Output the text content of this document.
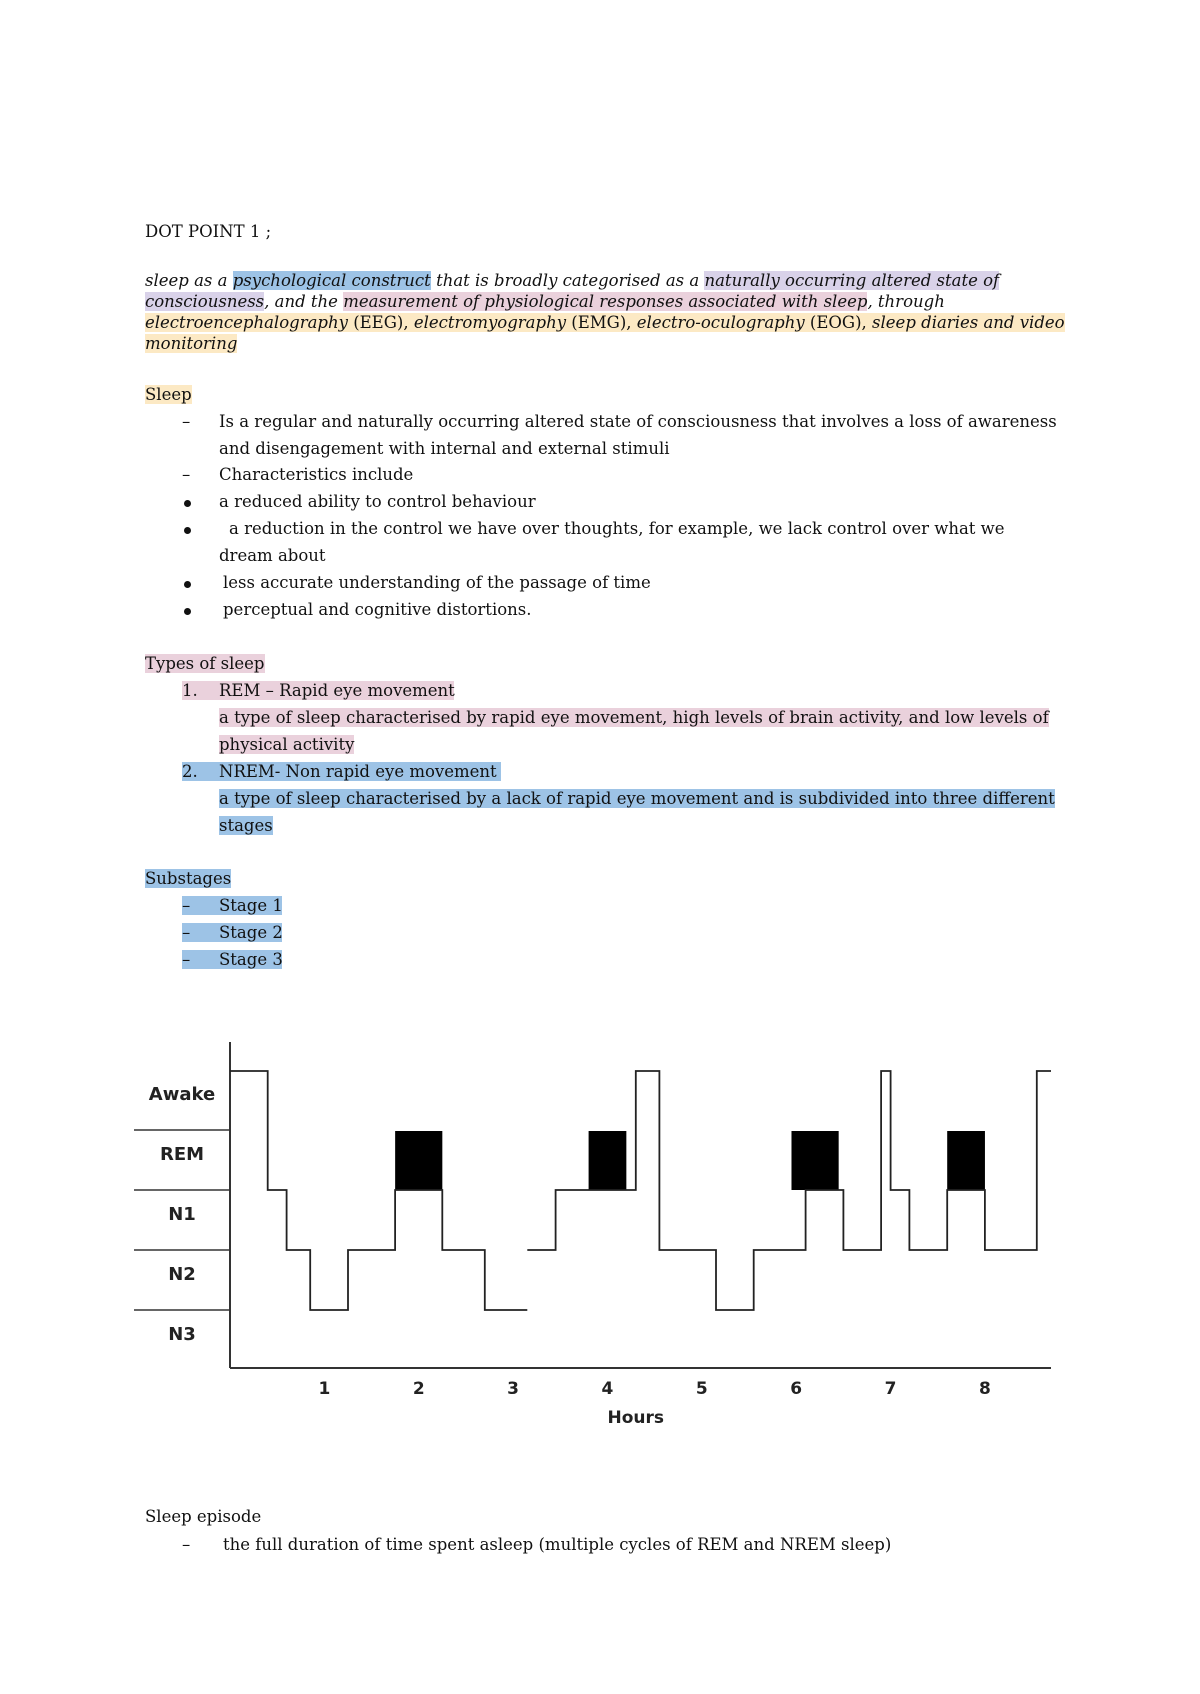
DOT POINT 1 ;
sleep as a psychological construct that is broadly categorised as a naturally occurring altered state of
consciousness, and the measurement of physiological responses associated with sleep, through
electroencephalography (EEG), electromyography (EMG), electro-oculography (EOG), sleep diaries and video
monitoring
Sleep
– Is a regular and naturally occurring altered state of consciousness that involves a loss of awareness
and disengagement with internal and external stimuli
– Characteristics include
a reduced ability to control behaviour
a reduction in the control we have over thoughts, for example, we lack control over what we
dream about
less accurate understanding of the passage of time
perceptual and cognitive distortions.
Types of sleep
1. REM – Rapid eye movement
a type of sleep characterised by rapid eye movement, high levels of brain activity, and low levels of
physical activity
2. NREM- Non rapid eye movement
a type of sleep characterised by a lack of rapid eye movement and is subdivided into three different
stages
Substages
– Stage 1
– Stage 2
– Stage 3
Awake
REM
N1
N2
N3
1	2	3	4	5	6	7	8
Hours
Sleep episode
– the full duration of time spent asleep (multiple cycles of REM and NREM sleep)
